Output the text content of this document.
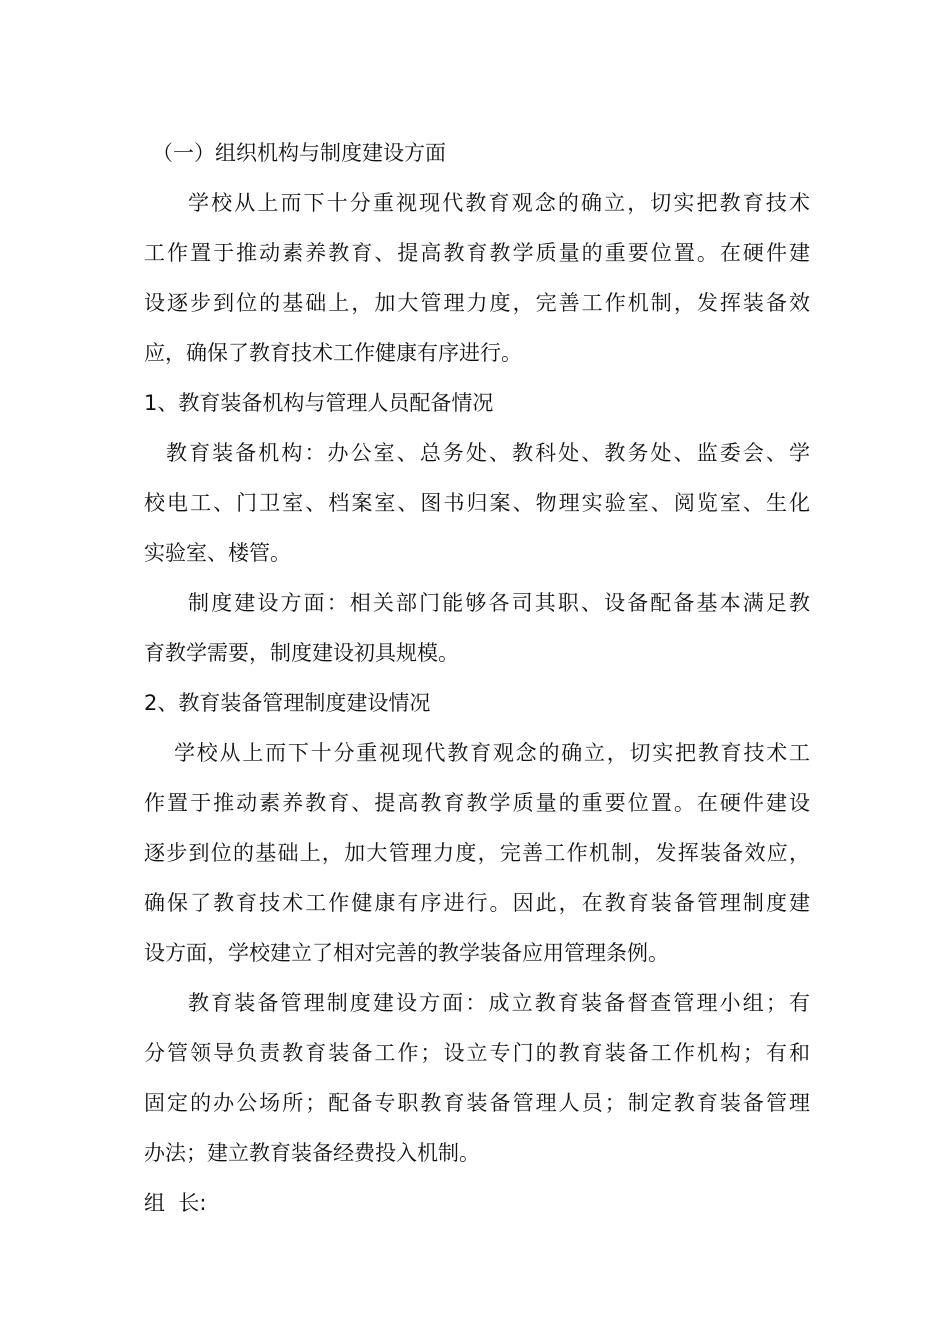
（一）组织机构与制度建设方面
学校从上而下十分重视现代教育观念的确立，切实把教育技术
工作置于推动素养教育、提高教育教学质量的重要位置。在硬件建
设逐步到位的基础上，加大管理力度，完善工作机制，发挥装备效
应，确保了教育技术工作健康有序进行。
1、教育装备机构与管理人员配备情况
教育装备机构：办公室、总务处、教科处、教务处、监委会、学
校电工、门卫室、档案室、图书归案、物理实验室、阅览室、生化
实验室、楼管。
制度建设方面：相关部门能够各司其职、设备配备基本满足教
育教学需要，制度建设初具规模。
2、教育装备管理制度建设情况
学校从上而下十分重视现代教育观念的确立，切实把教育技术工
作置于推动素养教育、提高教育教学质量的重要位置。在硬件建设
逐步到位的基础上，加大管理力度，完善工作机制，发挥装备效应，
确保了教育技术工作健康有序进行。因此，在教育装备管理制度建
设方面，学校建立了相对完善的教学装备应用管理条例。
教育装备管理制度建设方面：成立教育装备督查管理小组；有
分管领导负责教育装备工作；设立专门的教育装备工作机构；有和
固定的办公场所；配备专职教育装备管理人员；制定教育装备管理
办法；建立教育装备经费投入机制。
组  长:
